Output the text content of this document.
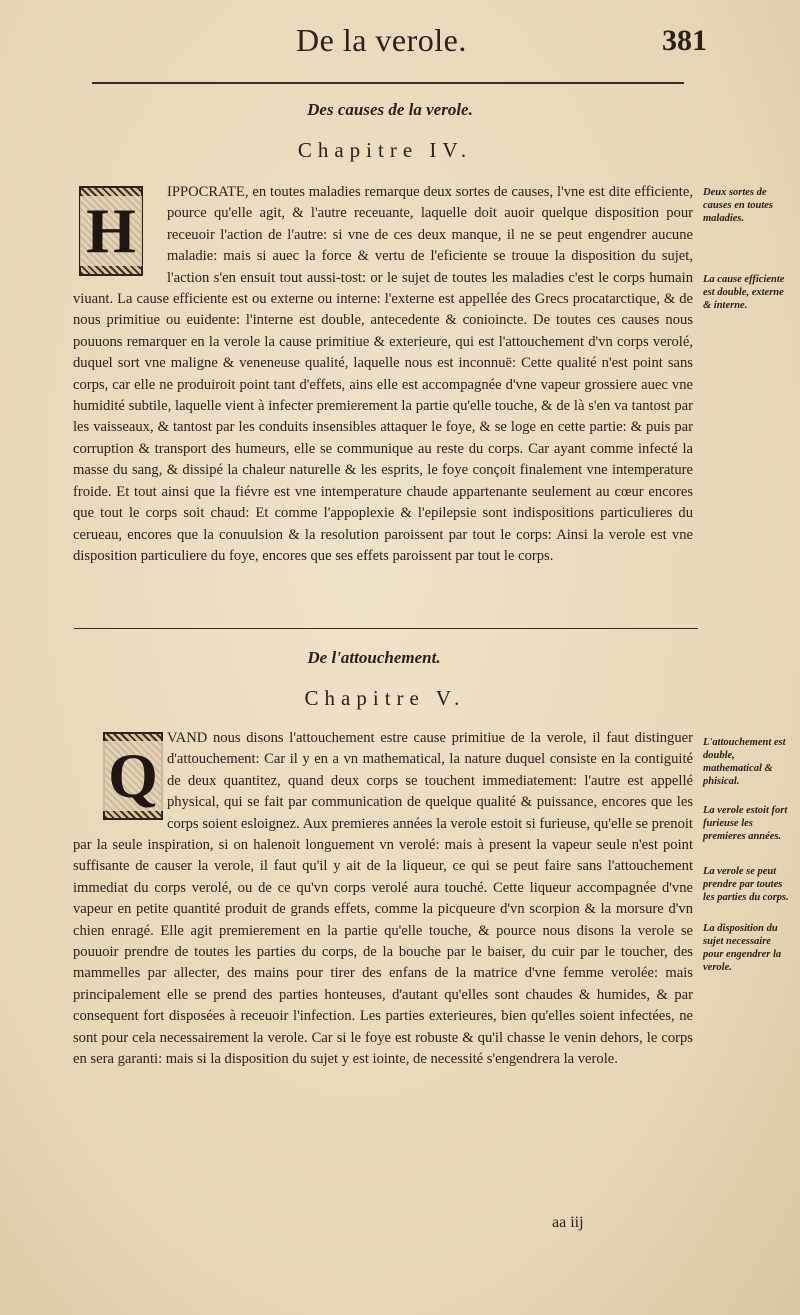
De la verole.	381
Des causes de la verole.
Chapitre IV.
H

IPPOCRATE, en toutes maladies remarque deux sortes de causes, l'vne est dite efficiente, pource qu'elle agit, & l'autre receuante, laquelle doit auoir quelque disposition pour receuoir l'action de l'autre: si vne de ces deux manque, il ne se peut engendrer aucune maladie: mais si auec la force & vertu de l'eficiente se trouue la disposition du sujet, l'action s'en ensuit tout aussi-tost: or le sujet de toutes les maladies c'est le corps humain viuant. La cause efficiente est ou externe ou interne: l'externe est appellée des Grecs procatarctique, & de nous primitiue ou euidente: l'interne est double, antecedente & conioincte. De toutes ces causes nous pouuons remarquer en la verole la cause primitiue & exterieure, qui est l'attouchement d'vn corps verolé, duquel sort vne maligne & veneneuse qualité, laquelle nous est inconnuë: Cette qualité n'est point sans corps, car elle ne produiroit point tant d'effets, ains elle est accompagnée d'vne vapeur grossiere auec vne humidité subtile, laquelle vient à infecter premierement la partie qu'elle touche, & de là s'en va tantost par les vaisseaux, & tantost par les conduits insensibles attaquer le foye, & se loge en cette partie: & puis par corruption & transport des humeurs, elle se communique au reste du corps. Car ayant comme infecté la masse du sang, & dissipé la chaleur naturelle & les esprits, le foye conçoit finalement vne intemperature froide. Et tout ainsi que la fiévre est vne intemperature chaude appartenante seulement au cœur encores que tout le corps soit chaud: Et comme l'appoplexie & l'epilepsie sont indispositions particulieres du cerueau, encores que la conuulsion & la resolution paroissent par tout le corps: Ainsi la verole est vne disposition particuliere du foye, encores que ses effets paroissent par tout le corps.

Deux sortes de causes en toutes maladies.
La cause efficiente est double, externe & interne.
De l'attouchement.
Chapitre V.
Q

VAND nous disons l'attouchement estre cause primitiue de la verole, il faut distinguer d'attouchement: Car il y en a vn mathematical, la nature duquel consiste en la contiguité de deux quantitez, quand deux corps se touchent immediatement: l'autre est appellé physical, qui se fait par communication de quelque qualité & puissance, encores que les corps soient esloignez. Aux premieres années la verole estoit si furieuse, qu'elle se prenoit par la seule inspiration, si on halenoit longuement vn verolé: mais à present la vapeur seule n'est point suffisante de causer la verole, il faut qu'il y ait de la liqueur, ce qui se peut faire sans l'attouchement immediat du corps verolé, ou de ce qu'vn corps verolé aura touché. Cette liqueur accompagnée d'vne vapeur en petite quantité produit de grands effets, comme la picqueure d'vn scorpion & la morsure d'vn chien enragé. Elle agit premierement en la partie qu'elle touche, & pource nous disons la verole se pouuoir prendre de toutes les parties du corps, de la bouche par le baiser, du cuir par le toucher, des mammelles par allecter, des mains pour tirer des enfans de la matrice d'vne femme verolée: mais principalement elle se prend des parties honteuses, d'autant qu'elles sont chaudes & humides, & par consequent fort disposées à receuoir l'infection. Les parties exterieures, bien qu'elles soient infectées, ne sont pour cela necessairement la verole. Car si le foye est robuste & qu'il chasse le venin dehors, le corps en sera garanti: mais si la disposition du sujet y est iointe, de necessité s'engendrera la verole.

L'attouchement est double, mathematical & phisical.
La verole estoit fort furieuse les premieres années.
La verole se peut prendre par toutes les parties du corps.
La disposition du sujet necessaire pour engendrer la verole.
aa iij
